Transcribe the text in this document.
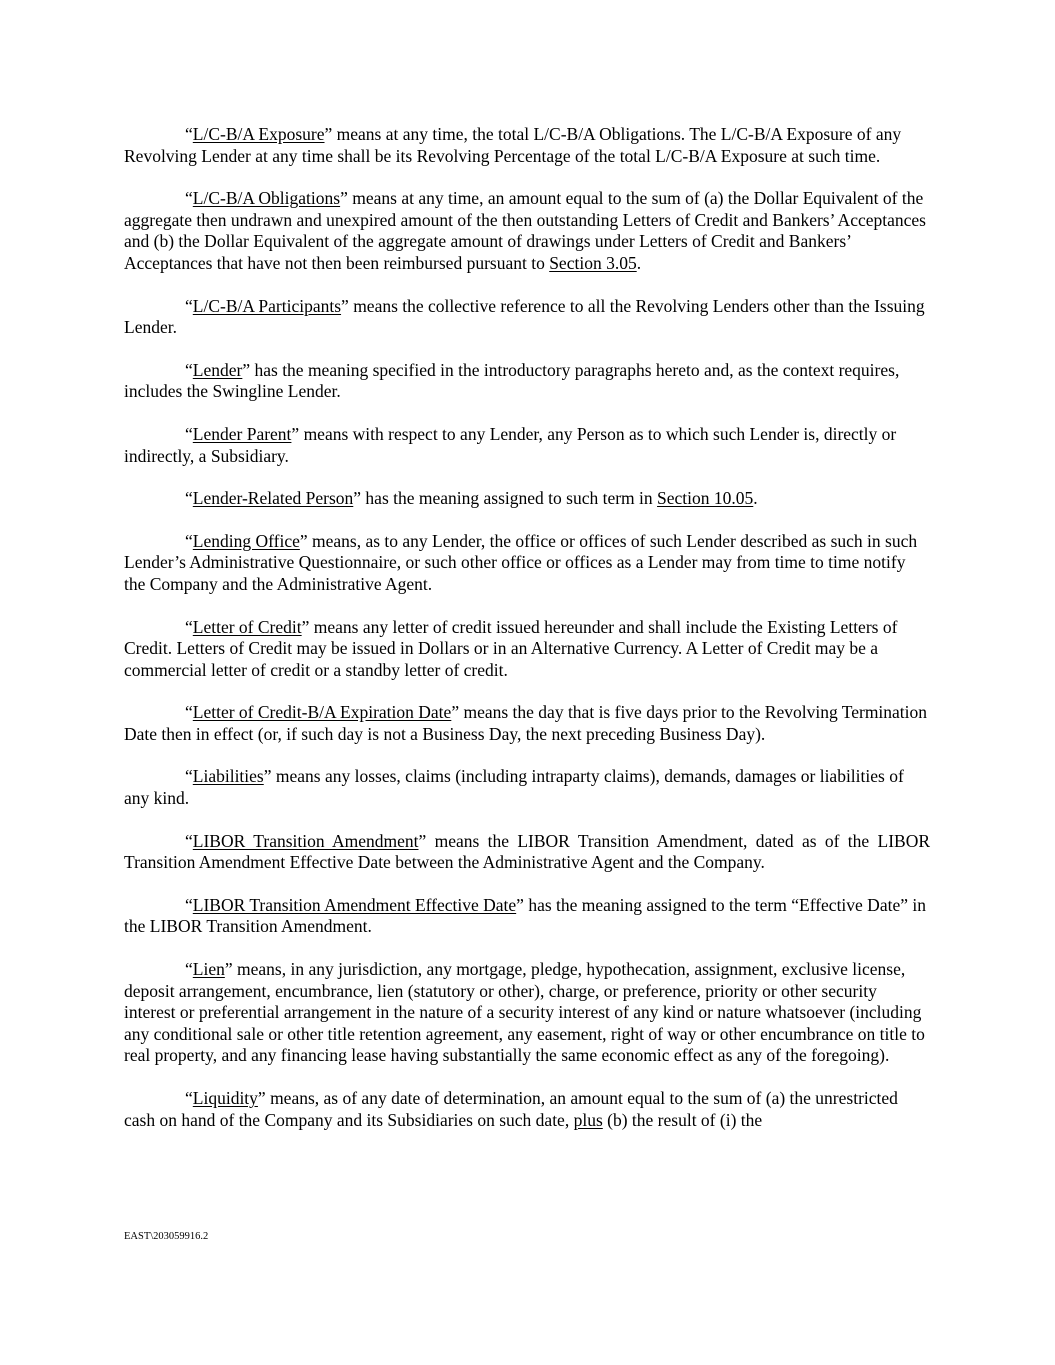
“L/C-B/A Exposure” means at any time, the total L/C-B/A Obligations. The L/C-B/A Exposure of any Revolving Lender at any time shall be its Revolving Percentage of the total L/C-B/A Exposure at such time.

“L/C-B/A Obligations” means at any time, an amount equal to the sum of (a) the Dollar Equivalent of the aggregate then undrawn and unexpired amount of the then outstanding Letters of Credit and Bankers’ Acceptances and (b) the Dollar Equivalent of the aggregate amount of drawings under Letters of Credit and Bankers’ Acceptances that have not then been reimbursed pursuant to Section 3.05.

“L/C-B/A Participants” means the collective reference to all the Revolving Lenders other than the Issuing Lender.

“Lender” has the meaning specified in the introductory paragraphs hereto and, as the context requires, includes the Swingline Lender.

“Lender Parent” means with respect to any Lender, any Person as to which such Lender is, directly or indirectly, a Subsidiary.

“Lender-Related Person” has the meaning assigned to such term in Section 10.05.

“Lending Office” means, as to any Lender, the office or offices of such Lender described as such in such Lender’s Administrative Questionnaire, or such other office or offices as a Lender may from time to time notify the Company and the Administrative Agent.

“Letter of Credit” means any letter of credit issued hereunder and shall include the Existing Letters of Credit. Letters of Credit may be issued in Dollars or in an Alternative Currency. A Letter of Credit may be a commercial letter of credit or a standby letter of credit.

“Letter of Credit-B/A Expiration Date” means the day that is five days prior to the Revolving Termination Date then in effect (or, if such day is not a Business Day, the next preceding Business Day).

“Liabilities” means any losses, claims (including intraparty claims), demands, damages or liabilities of any kind.

“LIBOR Transition Amendment” means the LIBOR Transition Amendment, dated as of the LIBOR Transition Amendment Effective Date between the Administrative Agent and the Company.

“LIBOR Transition Amendment Effective Date” has the meaning assigned to the term “Effective Date” in the LIBOR Transition Amendment.

“Lien” means, in any jurisdiction, any mortgage, pledge, hypothecation, assignment, exclusive license, deposit arrangement, encumbrance, lien (statutory or other), charge, or preference, priority or other security interest or preferential arrangement in the nature of a security interest of any kind or nature whatsoever (including any conditional sale or other title retention agreement, any easement, right of way or other encumbrance on title to real property, and any financing lease having substantially the same economic effect as any of the foregoing).

“Liquidity” means, as of any date of determination, an amount equal to the sum of (a) the unrestricted cash on hand of the Company and its Subsidiaries on such date, plus (b) the result of (i) the

EAST\203059916.2
